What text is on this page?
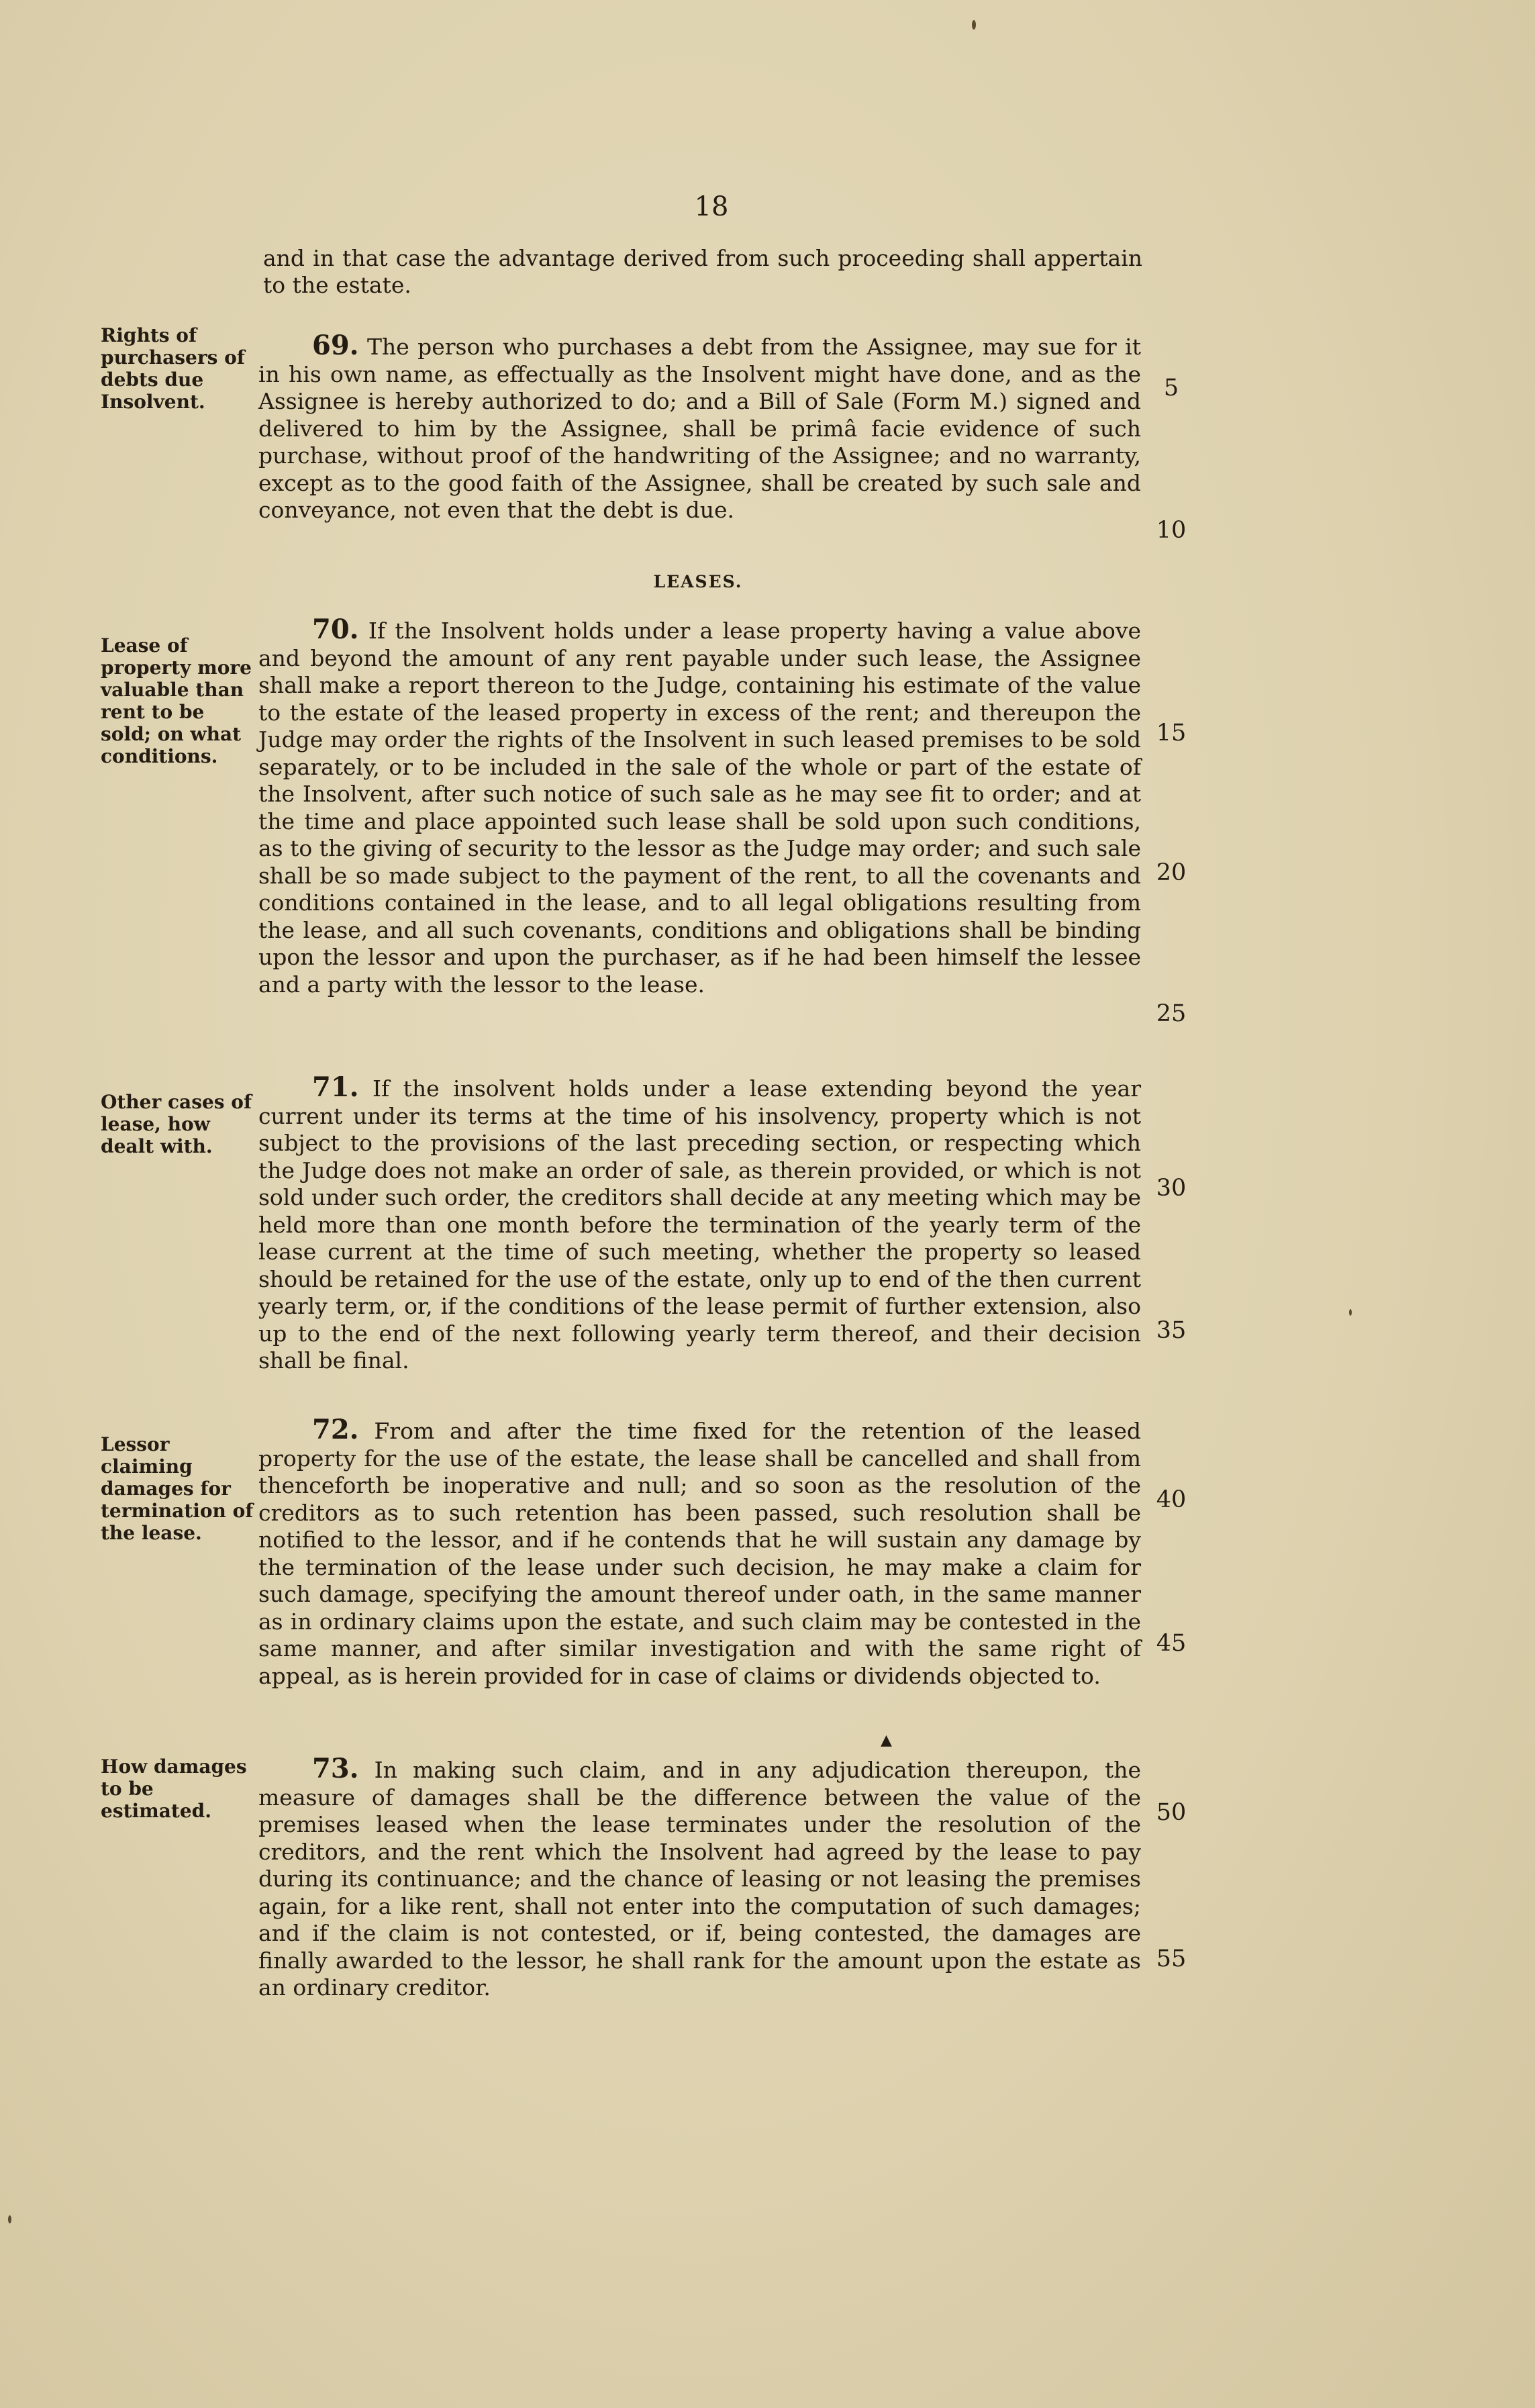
18

and in that case the advantage derived from such proceeding shall appertain to the estate.

Rights of purchasers of debts due Insolvent.

69. The person who purchases a debt from the Assignee, may sue for it in his own name, as effectually as the Insolvent might have done, and as the Assignee is hereby authorized to do; and a Bill of Sale (Form M.) signed and delivered to him by the Assignee, shall be primâ facie evidence of such purchase, without proof of the handwriting of the Assignee; and no warranty, except as to the good faith of the Assignee, shall be created by such sale and conveyance, not even that the debt is due.

LEASES.

Lease of property more valuable than rent to be sold; on what conditions.

70. If the Insolvent holds under a lease property having a value above and beyond the amount of any rent payable under such lease, the Assignee shall make a report thereon to the Judge, containing his estimate of the value to the estate of the leased property in excess of the rent; and thereupon the Judge may order the rights of the Insolvent in such leased premises to be sold separately, or to be included in the sale of the whole or part of the estate of the Insolvent, after such notice of such sale as he may see fit to order; and at the time and place appointed such lease shall be sold upon such conditions, as to the giving of security to the lessor as the Judge may order; and such sale shall be so made subject to the payment of the rent, to all the covenants and conditions contained in the lease, and to all legal obligations resulting from the lease, and all such covenants, conditions and obligations shall be binding upon the lessor and upon the purchaser, as if he had been himself the lessee and a party with the lessor to the lease.

Other cases of lease, how dealt with.

71. If the insolvent holds under a lease extending beyond the year current under its terms at the time of his insolvency, property which is not subject to the provisions of the last preceding section, or respecting which the Judge does not make an order of sale, as therein provided, or which is not sold under such order, the creditors shall decide at any meeting which may be held more than one month before the termination of the yearly term of the lease current at the time of such meeting, whether the property so leased should be retained for the use of the estate, only up to end of the then current yearly term, or, if the conditions of the lease permit of further extension, also up to the end of the next following yearly term thereof, and their decision shall be final.

Lessor claiming damages for termination of the lease.

72. From and after the time fixed for the retention of the leased property for the use of the estate, the lease shall be cancelled and shall from thenceforth be inoperative and null; and so soon as the resolution of the creditors as to such retention has been passed, such resolution shall be notified to the lessor, and if he contends that he will sustain any damage by the termination of the lease under such decision, he may make a claim for such damage, specifying the amount thereof under oath, in the same manner as in ordinary claims upon the estate, and such claim may be contested in the same manner, and after similar investigation and with the same right of appeal, as is herein provided for in case of claims or dividends objected to.

▲

How damages to be estimated.

73. In making such claim, and in any adjudication thereupon, the measure of damages shall be the difference between the value of the premises leased when the lease terminates under the resolution of the creditors, and the rent which the Insolvent had agreed by the lease to pay during its continuance; and the chance of leasing or not leasing the premises again, for a like rent, shall not enter into the computation of such damages; and if the claim is not contested, or if, being contested, the damages are finally awarded to the lessor, he shall rank for the amount upon the estate as an ordinary creditor.

5
10
15
20
25
30
35
40
45
50
55
